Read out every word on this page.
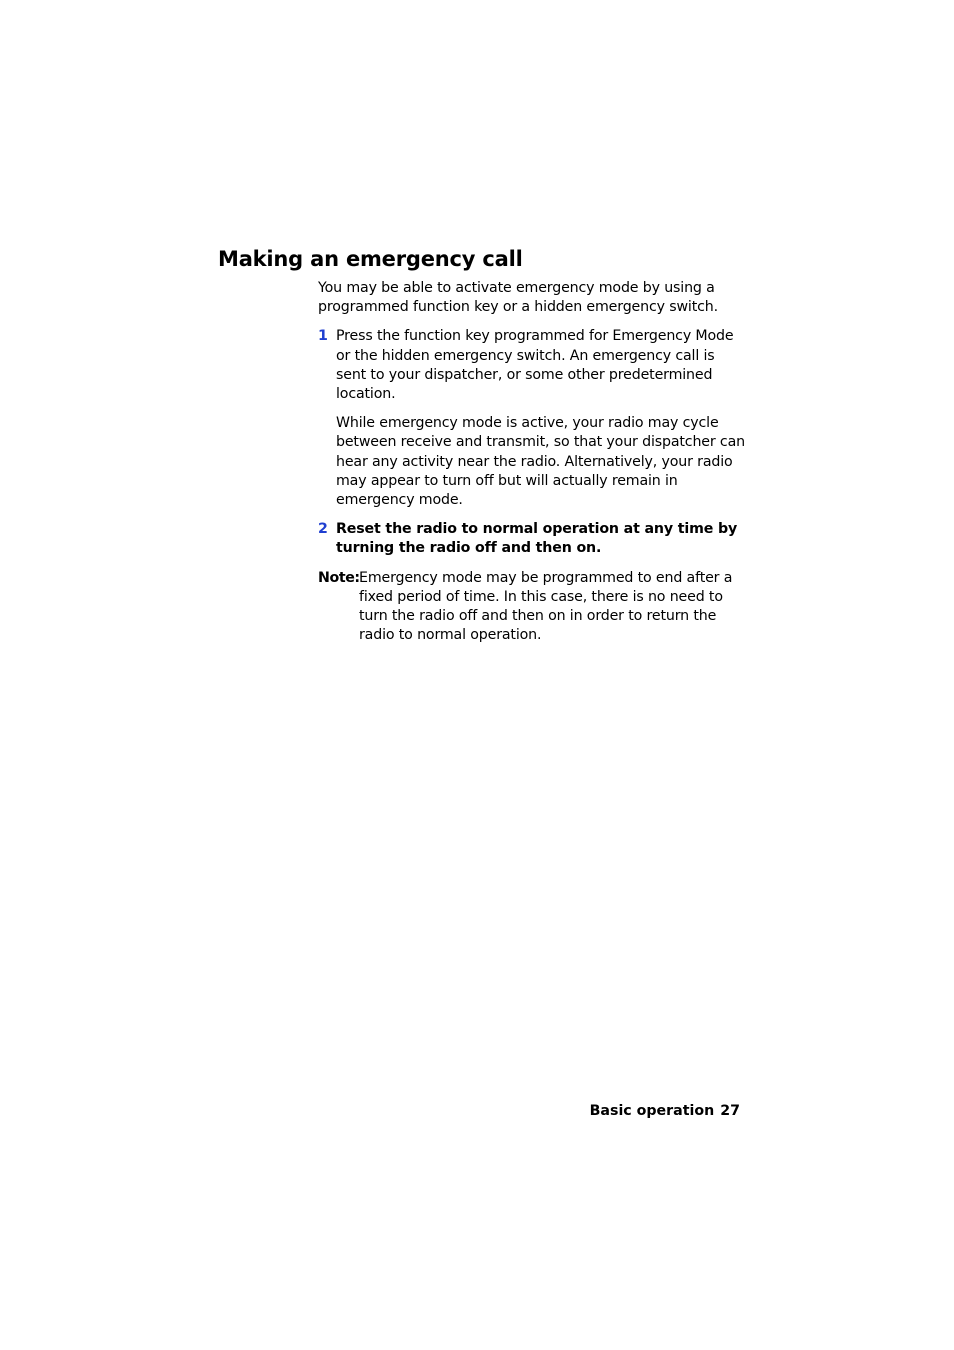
Making an emergency call

You may be able to activate emergency mode by using a programmed function key or a hidden emergency switch.

1 Press the function key programmed for Emergency Mode or the hidden emergency switch. An emergency call is sent to your dispatcher, or some other predetermined location.

While emergency mode is active, your radio may cycle between receive and transmit, so that your dispatcher can hear any activity near the radio. Alternatively, your radio may appear to turn off but will actually remain in emergency mode.

2 Reset the radio to normal operation at any time by turning the radio off and then on.

Note: Emergency mode may be programmed to end after a fixed period of time. In this case, there is no need to turn the radio off and then on in order to return the radio to normal operation.

Basic operation 27
